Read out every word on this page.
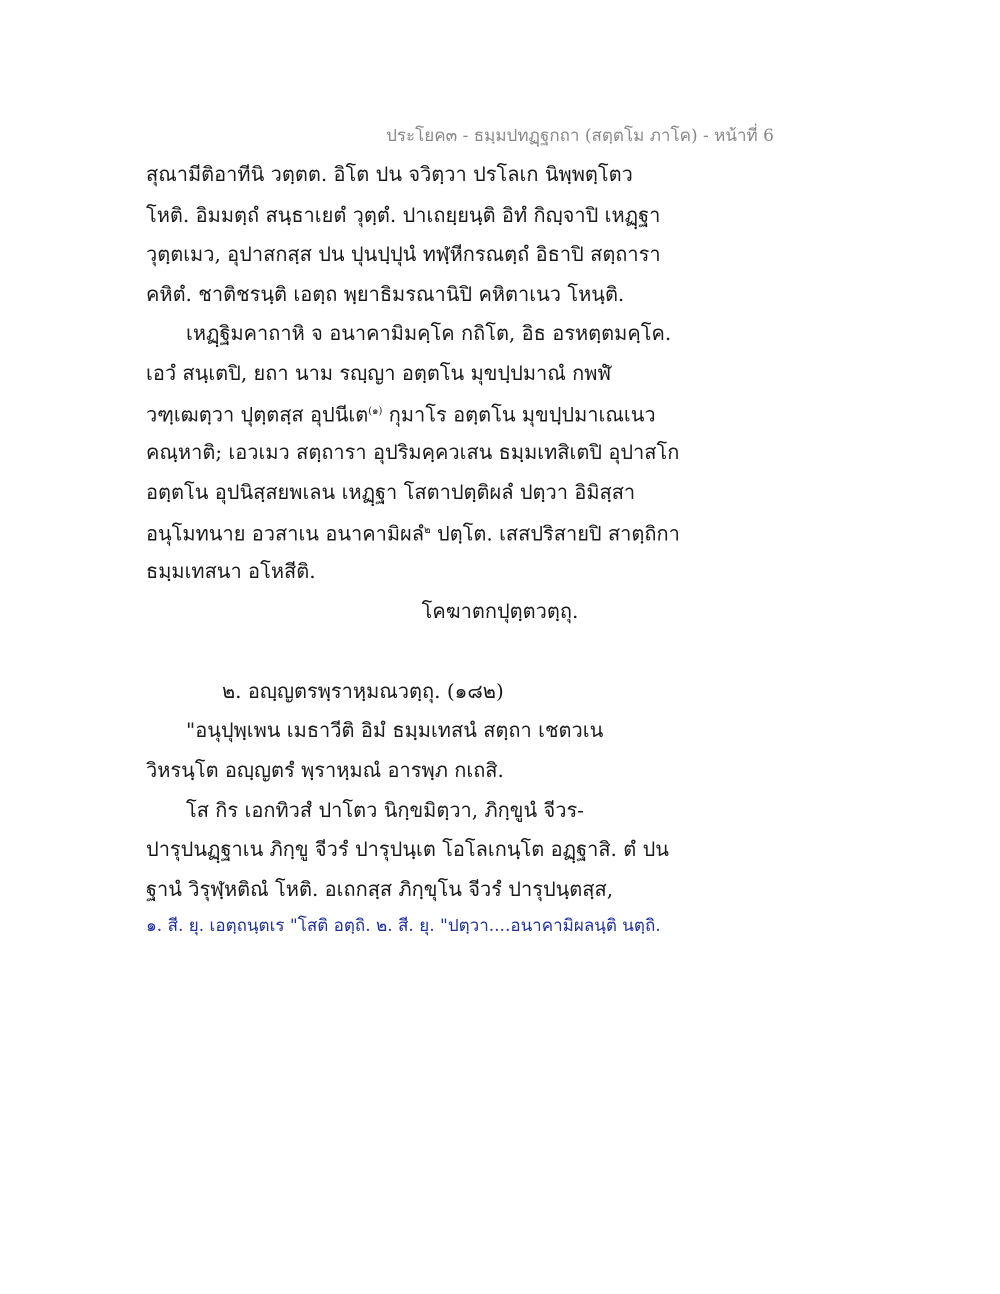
ประโยค๓ - ธมฺมปทฏฺฐกถา (สตฺตโม ภาโค) - หน้าที่ 6
สุณามีติอาทีนิ วตฺตต. อิโต ปน จวิตฺวา ปรโลเก นิพฺพตฺโตว
โหติ. อิมมตฺถํ สนฺธาเยตํ วุตฺตํ. ปาเถยฺยนฺติ อิทํ กิญฺจาปิ เหฏฺฐา
วุตฺตเมว, อุปาสกสฺส ปน ปุนปฺปุนํ ทฬฺหีกรณตฺถํ อิธาปิ สตฺถารา
คหิตํ. ชาติชรนฺติ เอตฺถ พฺยาธิมรณานิปิ คหิตาเนว โหนฺติ.
เหฏฺฐิมคาถาหิ จ อนาคามิมคฺโค กถิโต, อิธ อรหตฺตมคฺโค.
เอวํ สนฺเตปิ, ยถา นาม รญฺญา อตฺตโน มุขปฺปมาณํ กพฬํ
วฑฺเฒตฺวา ปุตฺตสฺส อุปนีเต$^{(๑)}$ กุมาโร อตฺตโน มุขปฺปมาเณเนว
คณฺหาติ; เอวเมว สตฺถารา อุปริมคฺควเสน ธมฺมเทสิเตปิ อุปาสโก
อตฺตโน อุปนิสฺสยพเลน เหฏฺฐา โสตาปตฺติผลํ ปตฺวา อิมิสฺสา
อนุโมทนาย อวสาเน อนาคามิผลํ$^๒$ ปตฺโต. เสสปริสายปิ สาตฺถิกา
ธมฺมเทสนา อโหสีติ.
โคฆาตกปุตฺตวตฺถุ.
๒. อญฺญตรพฺราหฺมณวตฺถุ. (๑๘๒)
"อนุปุพฺเพน เมธาวีติ อิมํ ธมฺมเทสนํ สตฺถา เชตวเน
วิหรนฺโต อญฺญตรํ พฺราหฺมณํ อารพฺภ กเถสิ.
โส กิร เอกทิวสํ ปาโตว นิกฺขมิตฺวา, ภิกฺขูนํ จีวร-
ปารุปนฏฺฐาเน ภิกฺขู จีวรํ ปารุปนฺเต โอโลเกนฺโต อฏฺฐาสิ. ตํ ปน
ฐานํ วิรุฬฺหติณํ โหติ. อเถกสฺส ภิกฺขุโน จีวรํ ปารุปนฺตสฺส,
๑. สี. ยุ. เอตฺถนฺตเร "โสติ อตฺถิ. ๒. สี. ยุ. "ปตฺวา....อนาคามิผลนฺติ นตฺถิ.
